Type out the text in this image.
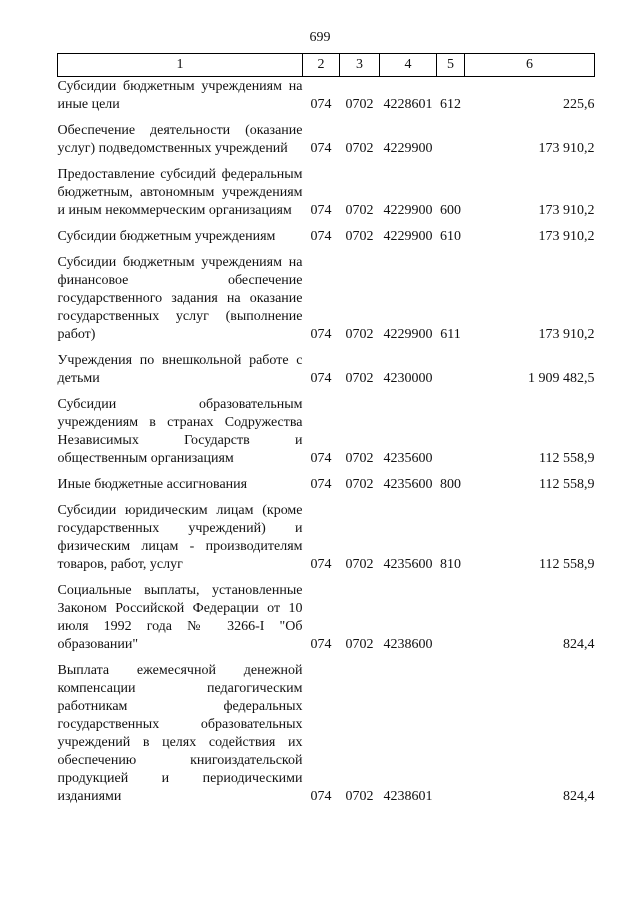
699
1	2	3	4	5	6
Субсидии бюджетным учреждениям на иные цели	074	0702	4228601	612	225,6
Обеспечение деятельности (оказание услуг) подведомственных учреждений	074	0702	4229900		173 910,2
Предоставление субсидий федеральным бюджетным, автономным учреждениям и иным некоммерческим организациям	074	0702	4229900	600	173 910,2
Субсидии бюджетным учреждениям	074	0702	4229900	610	173 910,2
Субсидии бюджетным учреждениям на финансовое обеспечение государственного задания на оказание государственных услуг (выполнение работ)	074	0702	4229900	611	173 910,2
Учреждения по внешкольной работе с детьми	074	0702	4230000		1 909 482,5
Субсидии образовательным учреждениям в странах Содружества Независимых Государств и общественным организациям	074	0702	4235600		112 558,9
Иные бюджетные ассигнования	074	0702	4235600	800	112 558,9
Субсидии юридическим лицам (кроме государственных учреждений) и физическим лицам - производителям товаров, работ, услуг	074	0702	4235600	810	112 558,9
Социальные выплаты, установленные Законом Российской Федерации от 10 июля 1992 года № 3266-I "Об образовании"	074	0702	4238600		824,4
Выплата ежемесячной денежной компенсации педагогическим работникам федеральных государственных образовательных учреждений в целях содействия их обеспечению книгоиздательской продукцией и периодическими изданиями	074	0702	4238601		824,4
